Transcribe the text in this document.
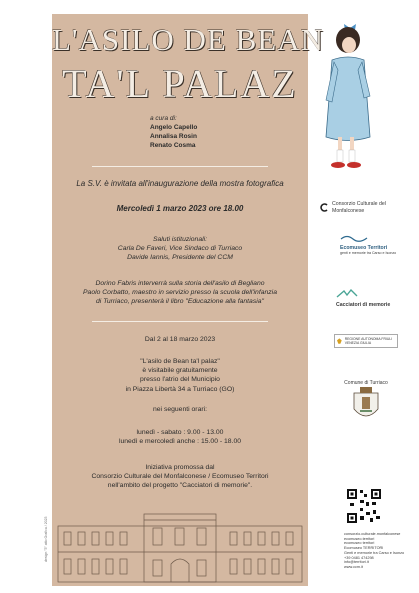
L'ASILO DE BEAN
TA'L PALAZ
a cura di:
Angelo Capello
Annalisa Rosin
Renato Cosma
La S.V. è invitata all'inaugurazione della mostra fotografica
Mercoledì 1 marzo 2023 ore 18.00
Saluti istituzionali:
Carla De Faveri, Vice Sindaco di Turriaco
Davide Iannis, Presidente del CCM
Dorino Fabris interverrà sulla storia dell'asilo di Begliano
Paolo Corbatto, maestro in servizio presso la scuola dell'infanzia
di Turriaco, presenterà il libro "Educazione alla fantasia"
Dal 2 al 18 marzo 2023
"L'asilo de Bean ta'l palaz"
è visitabile gratuitamente
presso l'atrio del Municipio
in Piazza Libertà 34 a Turriaco (GO)
nei seguenti orari:
lunedì - sabato : 9.00 - 13.00
lunedì e mercoledì anche : 15.00 - 18.00
Iniziativa promossa dal
Consorzio Culturale del Monfalconese / Ecomuseo Territori
nell'ambito del progetto "Cacciatori di memorie".
design "3" atto Grafica / 2023
Consorzio Culturale del Monfalconese
Ecomuseo Territori
genti e memorie tra Carso e Isonzo
Cacciatori di memorie
REGIONE AUTONOMA FRIULI VENEZIA GIULIA
Comune di Turriaco
consorzio.culturale.monfalconese
ecomuseo.territori
ecomuseo territori
Ecomuseo TERRITORI
Genti e memorie tra Carso e Isonzo
+39 0481 474298
info@territori.it
www.ccm.it
